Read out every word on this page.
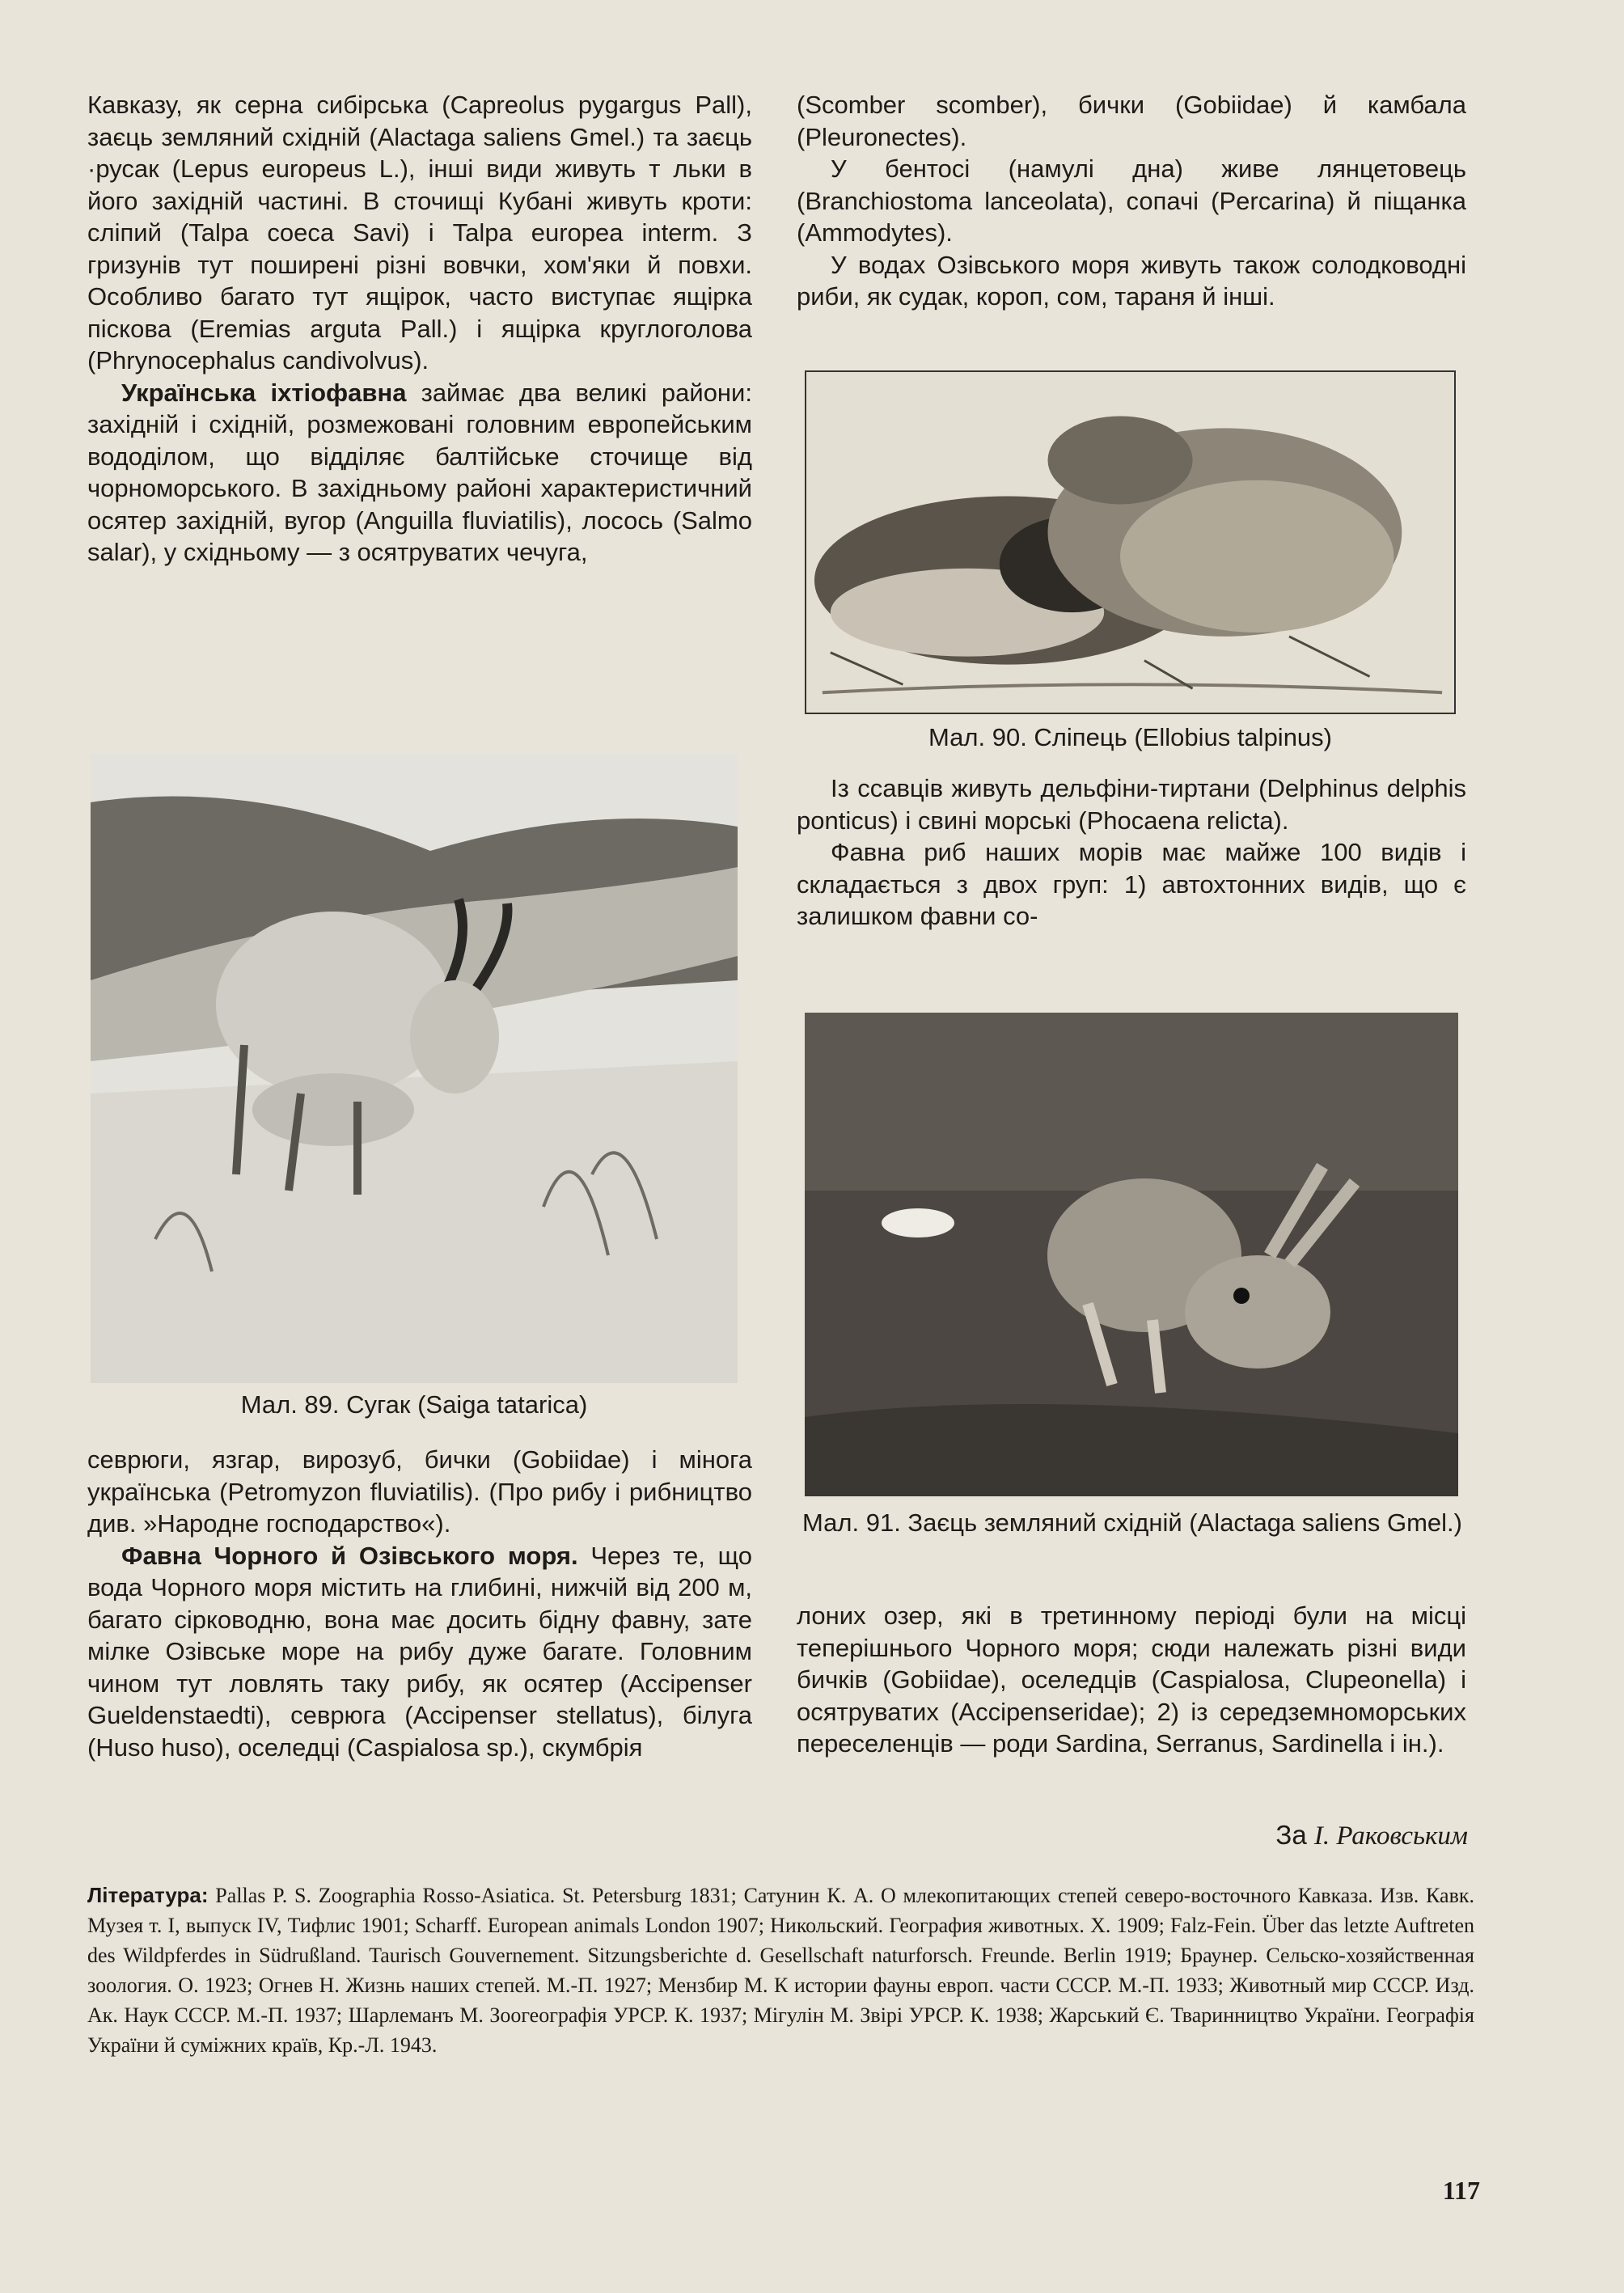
Кавказу, як серна сибірська (Capreolus pygargus Pall), заєць земляний східній (Alactaga saliens Gmel.) та заєць ·русак (Lepus europeus L.), інші види живуть т льки в його західній частині. В сточищі Кубані живуть кроти: сліпий (Talpa coeca Savi) і Talpa europea interm. З гризунів тут поширені різні вовчки, хом'яки й повхи. Особливо багато тут ящірок, часто виступає ящірка піскова (Eremias arguta Pall.) і ящірка круглоголова (Phrynocephalus candivolvus).

Українська іхтіофавна займає два великі райони: західній і східній, розмежовані головним европейським вододілом, що відділяє балтійське сточище від чорноморського. В західньому районі характеристичний осятер західній, вугор (Anguilla fluviatilis), лосось (Salmo salar), у східньому — з осятруватих чечуга,

(Scomber scomber), бички (Gobiidae) й камбала (Pleuronectes).

У бентосі (намулі дна) живе лянцетовець (Branchiostoma lanceolata), сопачі (Percarina) й піщанка (Ammodytes).

У водах Озівського моря живуть також солодководні риби, як судак, короп, сом, тараня й інші.

Мал. 90. Сліпець (Ellobius talpinus)

Із ссавців живуть дельфіни-тиртани (Delphinus delphis ponticus) і свині морські (Phocaena relicta).

Фавна риб наших морів має майже 100 видів і складається з двох груп: 1) автохтонних видів, що є залишком фавни со-

Мал. 89. Сугак (Saiga tatarica)
Мал. 91. Заєць земляний східній (Alactaga saliens Gmel.)

севрюги, язгар, вирозуб, бички (Gobiidae) і мінога українська (Petromyzon fluviatilis). (Про рибу і рибництво див. »Народне господарство«).

Фавна Чорного й Озівського моря. Через те, що вода Чорного моря містить на глибині, нижчій від 200 м, багато сірководню, вона має досить бідну фавну, зате мілке Озівське море на рибу дуже багате. Головним чином тут ловлять таку рибу, як осятер (Accipenser Gueldenstaedti), севрюга (Accipenser stellatus), білуга (Huso huso), оселедці (Caspialosa sp.), скумбрія

лоних озер, які в третинному періоді були на місці теперішнього Чорного моря; сюди належать різні види бичків (Gobiidae), оселедців (Caspialosa, Clupeonella) і осятруватих (Accipenseridae); 2) із середземноморських переселенців — роди Sardina, Serranus, Sardinella і ін.).

За І. Раковським
Література: Pallas P. S. Zoographia Rosso-Asiatica. St. Petersburg 1831; Сатунин К. А. О млекопитающих степей северо-восточного Кавказа. Изв. Кавк. Музея т. I, выпуск IV, Тифлис 1901; Scharff. European animals London 1907; Никольский. География животных. Х. 1909; Falz-Fein. Über das letzte Auftreten des Wildpferdes in Südrußland. Taurisch Gouvernement. Sitzungsberichte d. Gesellschaft naturforsch. Freunde. Berlin 1919; Браунер. Сельско-хозяйственная зоология. О. 1923; Огнев Н. Жизнь наших степей. М.-П. 1927; Мензбир М. К истории фауны европ. части СССР. М.-П. 1933; Животный мир СССР. Изд. Ак. Наук СССР. М.-П. 1937; Шарлеманъ М. Зоогеографія УРСР. К. 1937; Мігулін М. Звірі УРСР. К. 1938; Жарський Є. Тваринництво України. Географія України й суміжних країв, Кр.-Л. 1943.
117
